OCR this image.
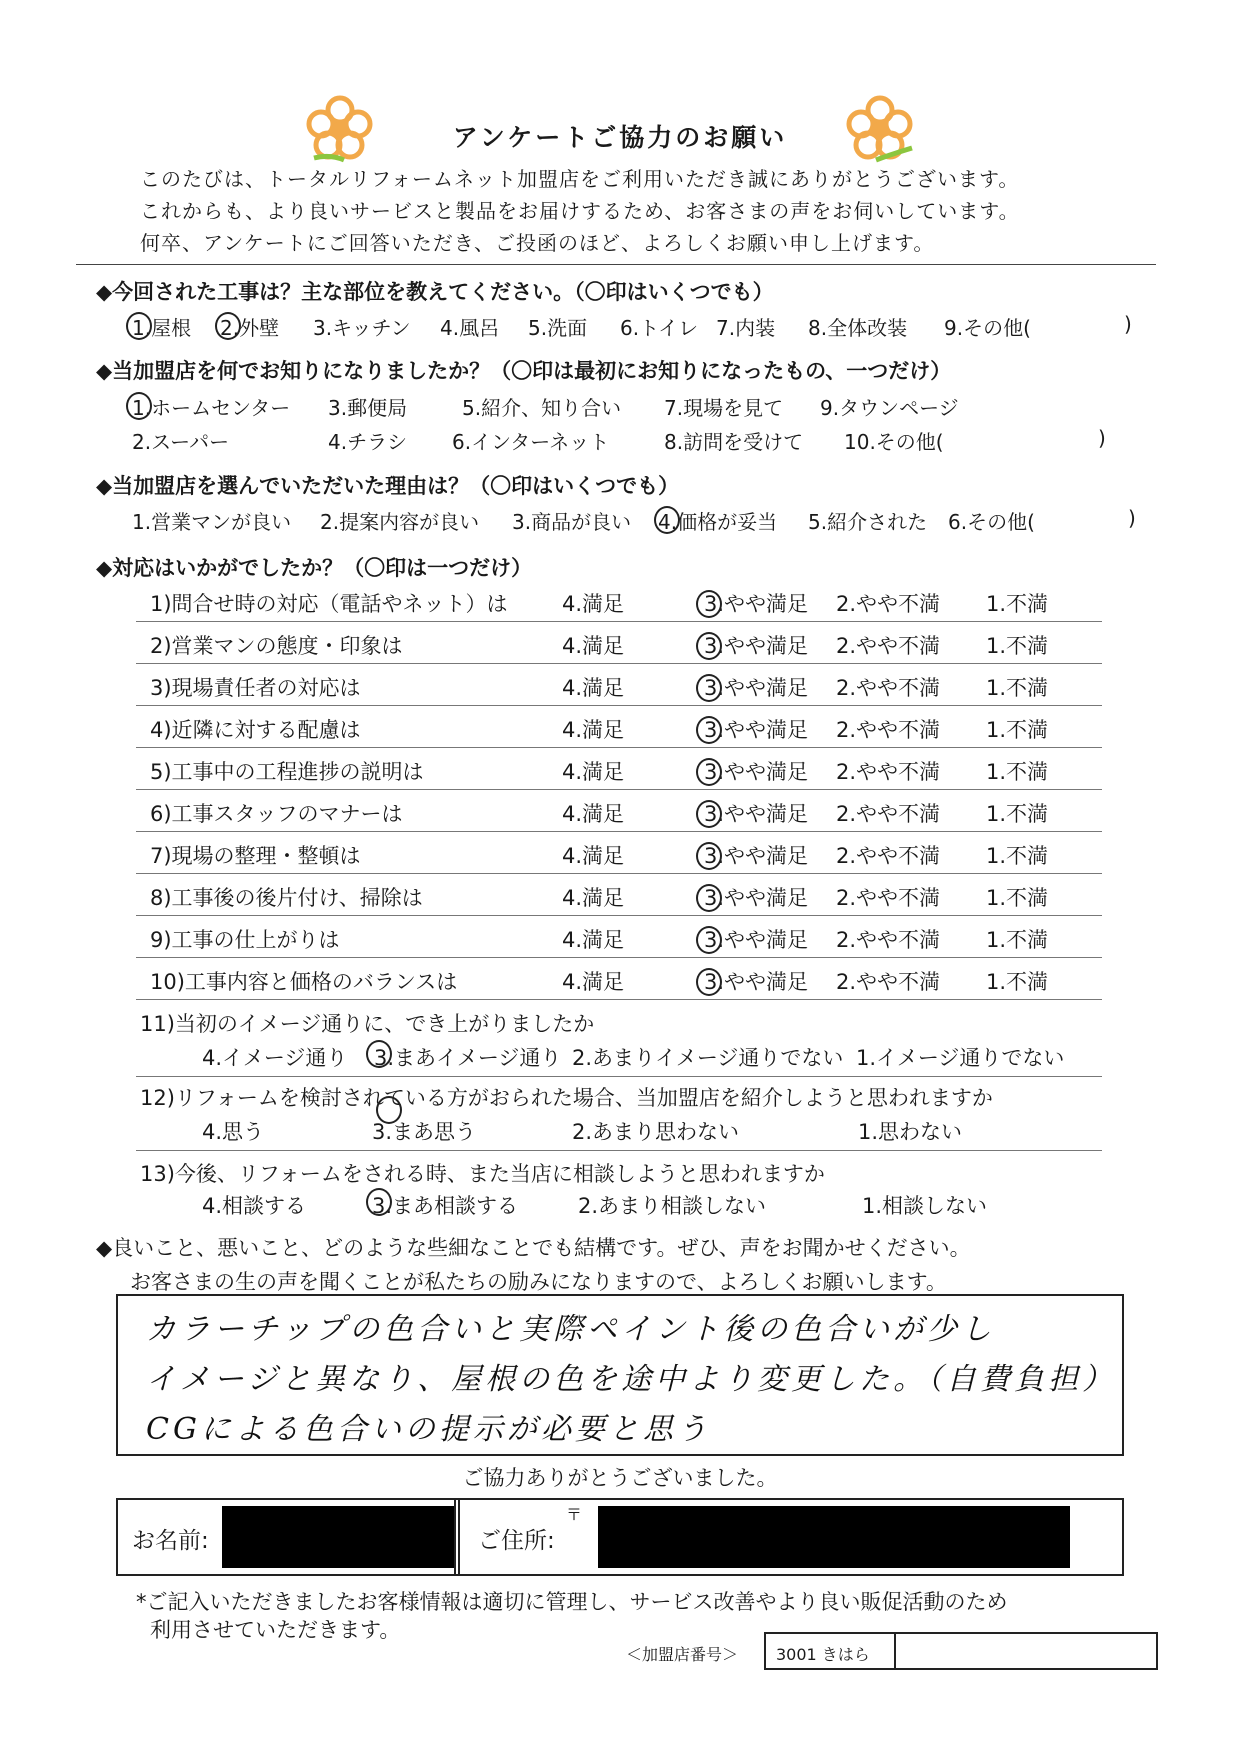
アンケートご協力のお願い
このたびは、トータルリフォームネット加盟店をご利用いただき誠にありがとうございます。
これからも、より良いサービスと製品をお届けするため、お客さまの声をお伺いしています。
何卒、アンケートにご回答いただき、ご投函のほど、よろしくお願い申し上げます。
◆今回された工事は？主な部位を教えてください。（〇印はいくつでも）
1.屋根 2.外壁 3.キッチン 4.風呂 5.洗面 6.トイレ 7.内装 8.全体改装 9.その他(	)
◆当加盟店を何でお知りになりましたか？（〇印は最初にお知りになったもの、一つだけ）
1.ホームセンター 3.郵便局	5.紹介、知り合い 7.現場を見て 9.タウンページ
2.スーパー	4.チラシ 6.インターネット	8.訪問を受けて 10.その他(	)
◆当加盟店を選んでいただいた理由は？（〇印はいくつでも）
1.営業マンが良い 2.提案内容が良い 3.商品が良い 4.価格が妥当 5.紹介された 6.その他(	)
◆対応はいかがでしたか？（〇印は一つだけ）
1)問合せ時の対応（電話やネット）は	4.満足	3.やや満足 2.やや不満 1.不満
2)営業マンの態度・印象は	4.満足	3.やや満足 2.やや不満 1.不満
3)現場責任者の対応は	4.満足	3.やや満足 2.やや不満 1.不満
4)近隣に対する配慮は	4.満足	3.やや満足 2.やや不満 1.不満
5)工事中の工程進捗の説明は	4.満足	3.やや満足 2.やや不満 1.不満
6)工事スタッフのマナーは	4.満足	3.やや満足 2.やや不満 1.不満
7)現場の整理・整頓は	4.満足	3.やや満足 2.やや不満 1.不満
8)工事後の後片付け、掃除は	4.満足	3.やや満足 2.やや不満 1.不満
9)工事の仕上がりは	4.満足	3.やや満足 2.やや不満 1.不満
10)工事内容と価格のバランスは	4.満足	3.やや満足 2.やや不満 1.不満
11)当初のイメージ通りに、でき上がりましたか
4.イメージ通り 3.まあイメージ通り 2.あまりイメージ通りでない 1.イメージ通りでない
12)リフォームを検討されている方がおられた場合、当加盟店を紹介しようと思われますか
4.思う	3.まあ思う	2.あまり思わない	1.思わない
13)今後、リフォームをされる時、また当店に相談しようと思われますか
4.相談する	3.まあ相談する	2.あまり相談しない	1.相談しない
◆良いこと、悪いこと、どのような些細なことでも結構です。ぜひ、声をお聞かせください。
お客さまの生の声を聞くことが私たちの励みになりますので、よろしくお願いします。
カラーチップの色合いと実際ペイント後の色合いが少し
イメージと異なり、屋根の色を途中より変更した。（自費負担）
CGによる色合いの提示が必要と思う
ご協力ありがとうございました。
お名前:	ご住所:
〒
*ご記入いただきましたお客様情報は適切に管理し、サービス改善やより良い販促活動のため
利用させていただきます。
＜加盟店番号＞ 3001 きはら
